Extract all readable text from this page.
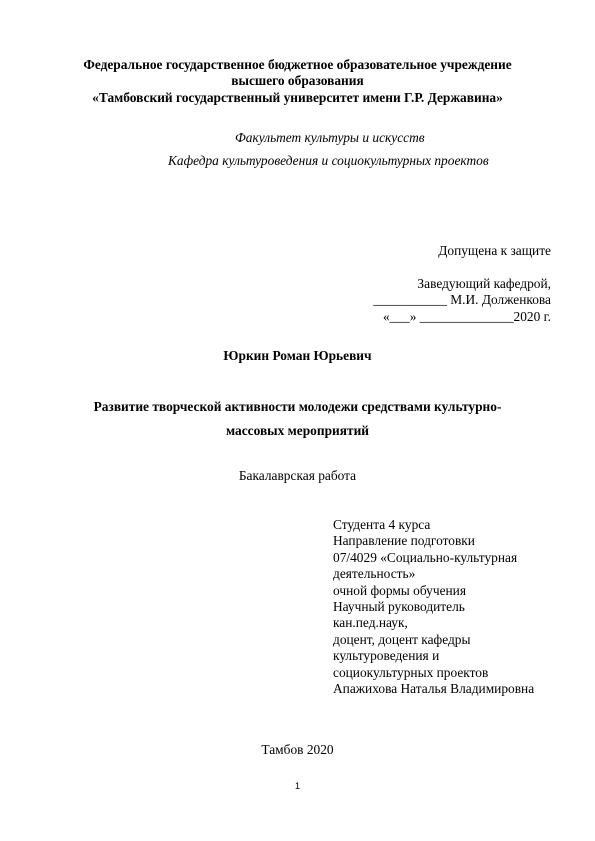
Федеральное государственное бюджетное образовательное учреждение
высшего образования
«Тамбовский государственный университет имени Г.Р. Державина»
Факультет культуры и искусств
Кафедра культуроведения и социокультурных проектов
Допущена к защите
Заведующий кафедрой,
___________ М.И. Долженкова
«___» ______________2020 г.
Юркин Роман Юрьевич
Развитие творческой активности молодежи средствами культурно-
массовых мероприятий
Бакалаврская работа
Студента 4 курса
Направление подготовки
07/4029 «Социально-культурная
деятельность»
очной формы обучения
Научный руководитель
кан.пед.наук,
доцент, доцент кафедры
культуроведения и
социокультурных проектов
Апажихова Наталья Владимировна
Тамбов 2020
1
